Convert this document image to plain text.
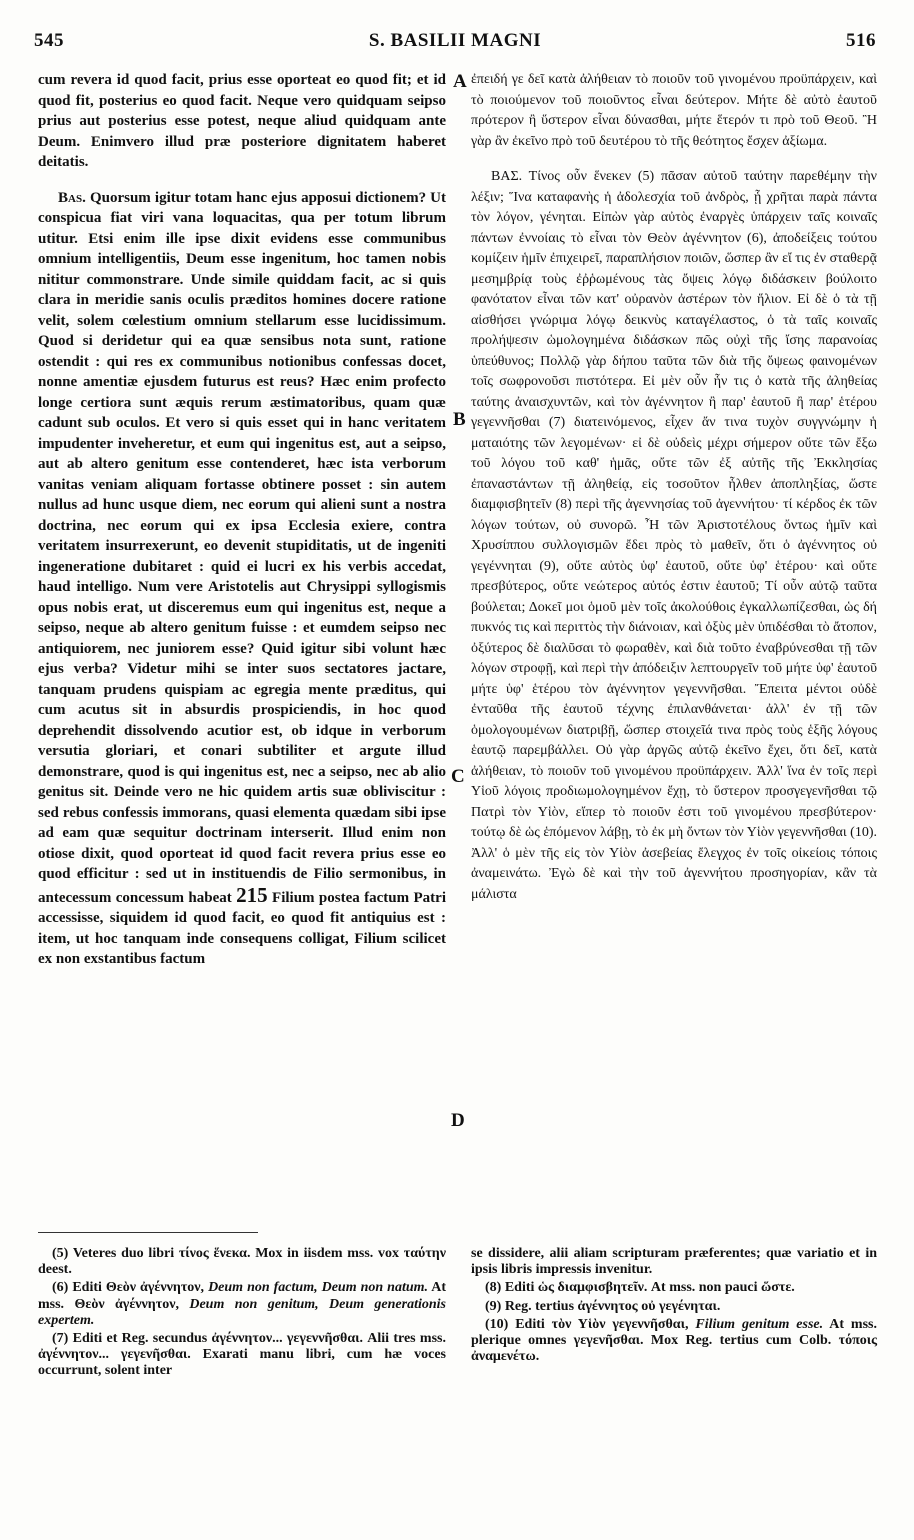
545	S. BASILII MAGNI	516

cum revera id quod facit, prius esse oporteat eo quod fit; et id quod fit, posterius eo quod facit. Neque vero quidquam seipso prius aut posterius esse potest, neque aliud quidquam ante Deum. Enimvero illud præ posteriore dignitatem haberet deitatis.

Bas. Quorsum igitur totam hanc ejus apposui dictionem? Ut conspicua fiat viri vana loquacitas, qua per totum librum utitur. Etsi enim ille ipse dixit evidens esse communibus omnium intelligentiis, Deum esse ingenitum, hoc tamen nobis nititur commonstrare. Unde simile quiddam facit, ac si quis clara in meridie sanis oculis præditos homines docere ratione velit, solem cœlestium omnium stellarum esse lucidissimum. Quod si deridetur qui ea quæ sensibus nota sunt, ratione ostendit : qui res ex communibus notionibus confessas docet, nonne amentiæ ejusdem futurus est reus? Hæc enim profecto longe certiora sunt æquis rerum æstimatoribus, quam quæ cadunt sub oculos. Et vero si quis esset qui in hanc veritatem impudenter inveheretur, et eum qui ingenitus est, aut a seipso, aut ab altero genitum esse contenderet, hæc ista verborum vanitas veniam aliquam fortasse obtinere posset : sin autem nullus ad hunc usque diem, nec eorum qui alieni sunt a nostra doctrina, nec eorum qui ex ipsa Ecclesia exiere, contra veritatem insurrexerunt, eo devenit stupiditatis, ut de ingeniti ingeneratione dubitaret : quid ei lucri ex his verbis accedat, haud intelligo. Num vere Aristotelis aut Chrysippi syllogismis opus nobis erat, ut disceremus eum qui ingenitus est, neque a seipso, neque ab altero genitum fuisse : et eumdem seipso nec antiquiorem, nec juniorem esse? Quid igitur sibi volunt hæc ejus verba? Videtur mihi se inter suos sectatores jactare, tanquam prudens quispiam ac egregia mente præditus, qui cum acutus sit in absurdis prospiciendis, in hoc quod deprehendit dissolvendo acutior est, ob idque in verborum versutia gloriari, et conari subtiliter et argute illud demonstrare, quod is qui ingenitus est, nec a seipso, nec ab alio genitus sit. Deinde vero ne hic quidem artis suæ obliviscitur : sed rebus confessis immorans, quasi elementa quædam sibi ipse ad eam quæ sequitur doctrinam interserit. Illud enim non otiose dixit, quod oporteat id quod facit revera prius esse eo quod efficitur : sed ut in instituendis de Filio sermonibus, in antecessum concessum habeat 215 Filium postea factum Patri accessisse, siquidem id quod facit, eo quod fit antiquius est : item, ut hoc tanquam inde consequens colligat, Filium scilicet ex non exstantibus factum

A
B
C
D

ἐπειδή γε δεῖ κατὰ ἀλήθειαν τὸ ποιοῦν τοῦ γινομένου προϋπάρχειν, καὶ τὸ ποιούμενον τοῦ ποιοῦντος εἶναι δεύτερον. Μήτε δὲ αὐτὸ ἑαυτοῦ πρότερον ἢ ὕστερον εἶναι δύνασθαι, μήτε ἕτερόν τι πρὸ τοῦ Θεοῦ. Ἢ γὰρ ἂν ἐκεῖνο πρὸ τοῦ δευτέρου τὸ τῆς θεότητος ἔσχεν ἀξίωμα.

ΒΑΣ. Τίνος οὖν ἕνεκεν (5) πᾶσαν αὐτοῦ ταύτην παρεθέμην τὴν λέξιν; Ἵνα καταφανὴς ἡ ἀδολεσχία τοῦ ἀνδρὸς, ᾗ χρῆται παρὰ πάντα τὸν λόγον, γένηται. Εἰπὼν γὰρ αὐτὸς ἐναργὲς ὑπάρχειν ταῖς κοιναῖς πάντων ἐννοίαις τὸ εἶναι τὸν Θεὸν ἀγέννητον (6), ἀποδείξεις τούτου κομίζειν ἡμῖν ἐπιχειρεῖ, παραπλήσιον ποιῶν, ὥσπερ ἂν εἴ τις ἐν σταθερᾷ μεσημβρίᾳ τοὺς ἐῤῥωμένους τὰς ὄψεις λόγῳ διδάσκειν βούλοιτο φανότατον εἶναι τῶν κατ' οὐρανὸν ἀστέρων τὸν ἥλιον. Εἰ δὲ ὁ τὰ τῇ αἰσθήσει γνώριμα λόγῳ δεικνὺς καταγέλαστος, ὁ τὰ ταῖς κοιναῖς προλήψεσιν ὡμολογημένα διδάσκων πῶς οὐχὶ τῆς ἴσης παρανοίας ὑπεύθυνος; Πολλῷ γὰρ δήπου ταῦτα τῶν διὰ τῆς ὄψεως φαινομένων τοῖς σωφρονοῦσι πιστότερα. Εἰ μὲν οὖν ἦν τις ὁ κατὰ τῆς ἀληθείας ταύτης ἀναισχυντῶν, καὶ τὸν ἀγέννητον ἢ παρ' ἑαυτοῦ ἢ παρ' ἑτέρου γεγεννῆσθαι (7) διατεινόμενος, εἶχεν ἄν τινα τυχὸν συγγνώμην ἡ ματαιότης τῶν λεγομένων· εἰ δὲ οὐδεὶς μέχρι σήμερον οὔτε τῶν ἔξω τοῦ λόγου τοῦ καθ' ἡμᾶς, οὔτε τῶν ἐξ αὐτῆς τῆς Ἐκκλησίας ἐπαναστάντων τῇ ἀληθείᾳ, εἰς τοσοῦτον ἦλθεν ἀποπληξίας, ὥστε διαμφισβητεῖν (8) περὶ τῆς ἀγεννησίας τοῦ ἀγεννήτου· τί κέρδος ἐκ τῶν λόγων τούτων, οὐ συνορῶ. Ἦ τῶν Ἀριστοτέλους ὄντως ἡμῖν καὶ Χρυσίππου συλλογισμῶν ἔδει πρὸς τὸ μαθεῖν, ὅτι ὁ ἀγέννητος οὐ γεγέννηται (9), οὔτε αὐτὸς ὑφ' ἑαυτοῦ, οὔτε ὑφ' ἑτέρου· καὶ οὔτε πρεσβύτερος, οὔτε νεώτερος αὐτός ἐστιν ἑαυτοῦ; Τί οὖν αὐτῷ ταῦτα βούλεται; Δοκεῖ μοι ὁμοῦ μὲν τοῖς ἀκολούθοις ἐγκαλλωπίζεσθαι, ὡς δή πυκνός τις καὶ περιττὸς τὴν διάνοιαν, καὶ ὀξὺς μὲν ὑπιδέσθαι τὸ ἄτοπον, ὀξύτερος δὲ διαλῦσαι τὸ φωραθὲν, καὶ διὰ τοῦτο ἐναβρύνεσθαι τῇ τῶν λόγων στροφῇ, καὶ περὶ τὴν ἀπόδειξιν λεπτουργεῖν τοῦ μήτε ὑφ' ἑαυτοῦ μήτε ὑφ' ἑτέρου τὸν ἀγέννητον γεγεννῆσθαι. Ἔπειτα μέντοι οὐδὲ ἐνταῦθα τῆς ἑαυτοῦ τέχνης ἐπιλανθάνεται· ἀλλ' ἐν τῇ τῶν ὁμολογουμένων διατριβῇ, ὥσπερ στοιχεῖά τινα πρὸς τοὺς ἑξῆς λόγους ἑαυτῷ παρεμβάλλει. Οὐ γὰρ ἀργῶς αὐτῷ ἐκεῖνο ἔχει, ὅτι δεῖ, κατὰ ἀλήθειαν, τὸ ποιοῦν τοῦ γινομένου προϋπάρχειν. Ἀλλ' ἵνα ἐν τοῖς περὶ Υἱοῦ λόγοις προδιωμολογημένον ἔχῃ, τὸ ὕστερον προσγεγενῆσθαι τῷ Πατρὶ τὸν Υἱὸν, εἴπερ τὸ ποιοῦν ἐστι τοῦ γινομένου πρεσβύτερον· τούτῳ δὲ ὡς ἑπόμενον λάβῃ, τὸ ἐκ μὴ ὄντων τὸν Υἱὸν γεγεννῆσθαι (10). Ἀλλ' ὁ μὲν τῆς εἰς τὸν Υἱὸν ἀσεβείας ἔλεγχος ἐν τοῖς οἰκείοις τόποις ἀναμεινάτω. Ἐγὼ δὲ καὶ τὴν τοῦ ἀγεννήτου προσηγορίαν, κἂν τὰ μάλιστα

(5) Veteres duo libri τίνος ἕνεκα. Mox in iisdem mss. vox ταύτην deest.

(6) Editi Θεὸν ἀγέννητον, Deum non factum, Deum non natum. At mss. Θεὸν ἀγέννητον, Deum non genitum, Deum generationis expertem.

(7) Editi et Reg. secundus ἀγέννητον... γεγεννῆσθαι. Alii tres mss. ἀγέννητον... γεγενῆσθαι. Exarati manu libri, cum hæ voces occurrunt, solent inter

se dissidere, alii aliam scripturam præferentes; quæ variatio et in ipsis libris impressis invenitur.

(8) Editi ὡς διαμφισβητεῖν. At mss. non pauci ὥστε.

(9) Reg. tertius ἀγέννητος οὐ γεγένηται.

(10) Editi τὸν Υἱὸν γεγεννῆσθαι, Filium genitum esse. At mss. plerique omnes γεγενῆσθαι. Mox Reg. tertius cum Colb. τόποις ἀναμενέτω.
